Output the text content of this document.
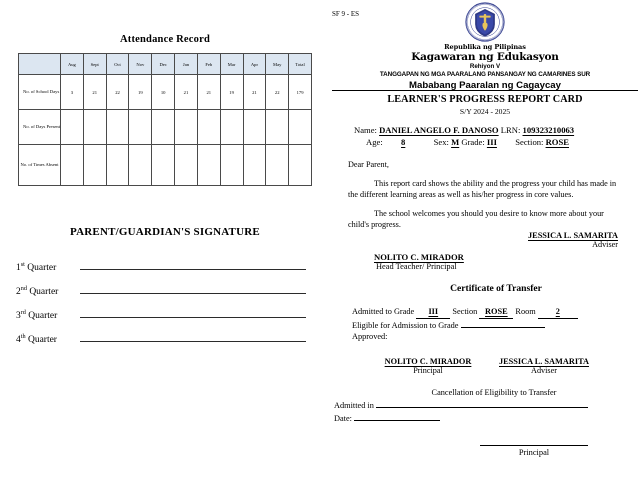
Attendance Record
	Aug	Sept	Oct	Nov	Dec	Jan	Feb	Mar	Apr	May	Total
No. of School Days	3	21	22	19	10	21	21	19	21	22	179
No. of Days Present											
No. of Times Absent											
PARENT/GUARDIAN'S SIGNATURE
1st Quarter
2nd Quarter
3rd Quarter
4th Quarter
SF 9 - ES
Republika ng Pilipinas
Kagawaran ng Edukasyon
Rehiyon V
TANGGAPAN NG MGA PAARALANG PANSANGAY NG CAMARINES SUR
Mababang Paaralan ng Cagaycay
LEARNER'S PROGRESS REPORT CARD
S/Y 2024 - 2025
Name: DANIEL ANGELO F. DANOSO LRN: 109323210063
Age: 8	Sex: M Grade: III Section: ROSE

Dear Parent,

This report card shows the ability and the progress your child has made in the different learning areas as well as his/her progress in core values.

The school welcomes you should you desire to know more about your child's progress.

JESSICA L. SAMARITA
Adviser
NOLITO C. MIRADOR
Head Teacher/ Principal
Certificate of Transfer
Admitted to Grade III Section ROSE Room 2
Eligible for Admission to Grade
Approved:
NOLITO C. MIRADOR
Principal
JESSICA L. SAMARITA
Adviser
Cancellation of Eligibility to Transfer
Admitted in
Date:
Principal
